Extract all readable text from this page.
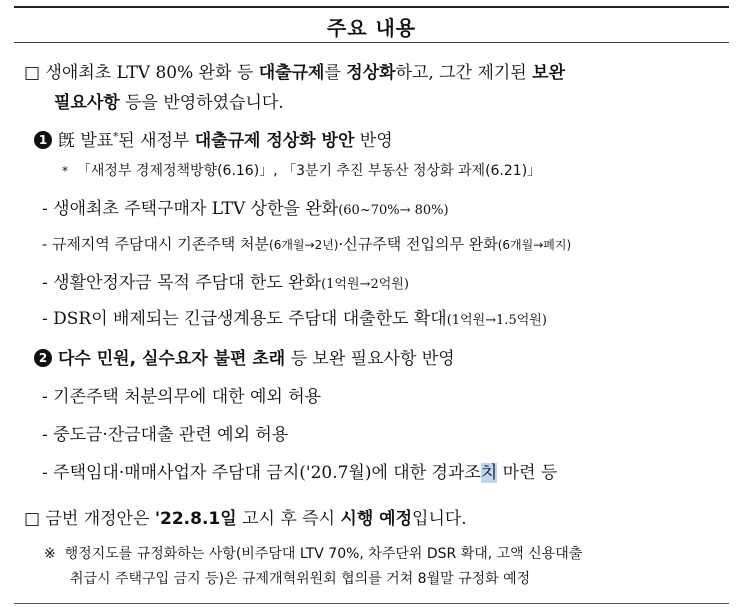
주요 내용
□ 생애최초 LTV 80% 완화 등 대출규제를 정상화하고, 그간 제기된 보완
필요사항 등을 반영하였습니다.
1 旣 발표*된 새정부 대출규제 정상화 방안 반영
* 「새정부 경제정책방향(6.16)」, 「3분기 추진 부동산 정상화 과제(6.21)」
- 생애최초 주택구매자 LTV 상한을 완화(60~70%→ 80%)
- 규제지역 주담대시 기존주택 처분(6개월→2년)·신규주택 전입의무 완화(6개월→폐지)
- 생활안정자금 목적 주담대 한도 완화(1억원→2억원)
- DSR이 배제되는 긴급생계용도 주담대 대출한도 확대(1억원→1.5억원)
2 다수 민원, 실수요자 불편 초래 등 보완 필요사항 반영
- 기존주택 처분의무에 대한 예외 허용
- 중도금·잔금대출 관련 예외 허용
- 주택임대·매매사업자 주담대 금지('20.7월)에 대한 경과조치 마련 등
□ 금번 개정안은 '22.8.1일 고시 후 즉시 시행 예정입니다.
※ 행정지도를 규정화하는 사항(비주담대 LTV 70%, 차주단위 DSR 확대, 고액 신용대출
취급시 주택구입 금지 등)은 규제개혁위원회 협의를 거쳐 8월말 규정화 예정
